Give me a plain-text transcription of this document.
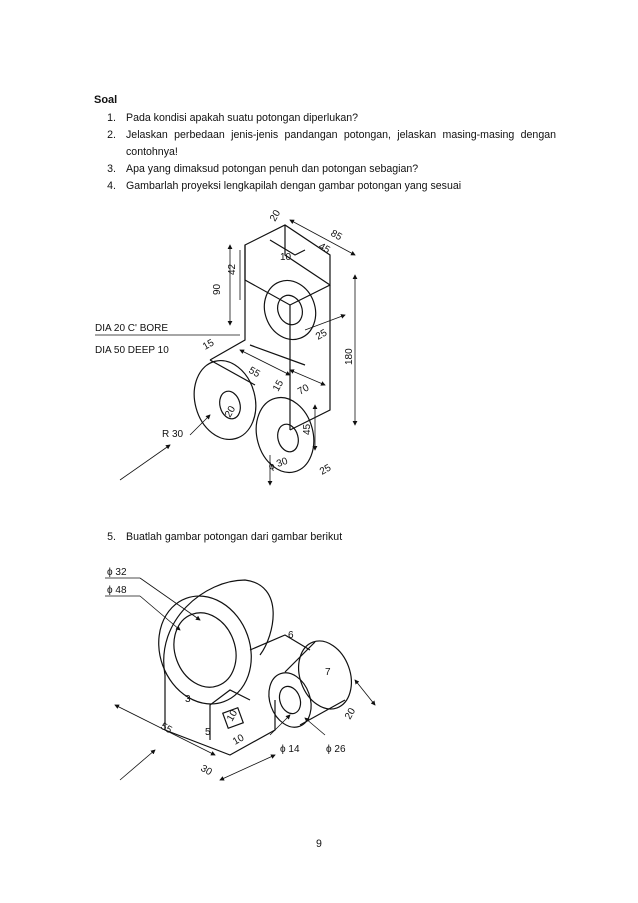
Soal
1. Pada kondisi apakah suatu potongan diperlukan?
2. Jelaskan perbedaan jenis-jenis pandangan potongan, jelaskan masing-masing dengan contohnya!
3. Apa yang dimaksud potongan penuh dan potongan sebagian?
4. Gambarlah proyeksi lengkapilah dengan gambar potongan yang sesuai
DIA 20 C' BORE
DIA 50 DEEP 10
20
85
45
10
42
90
25
180
15
55
15 70
20
R 30	45
ϕ 30	25
5. Buatlah gambar potongan dari gambar berikut
ϕ 32
ϕ 48
6
7
3
10
5
55
10
20
ϕ 14	ϕ 26
30
9
